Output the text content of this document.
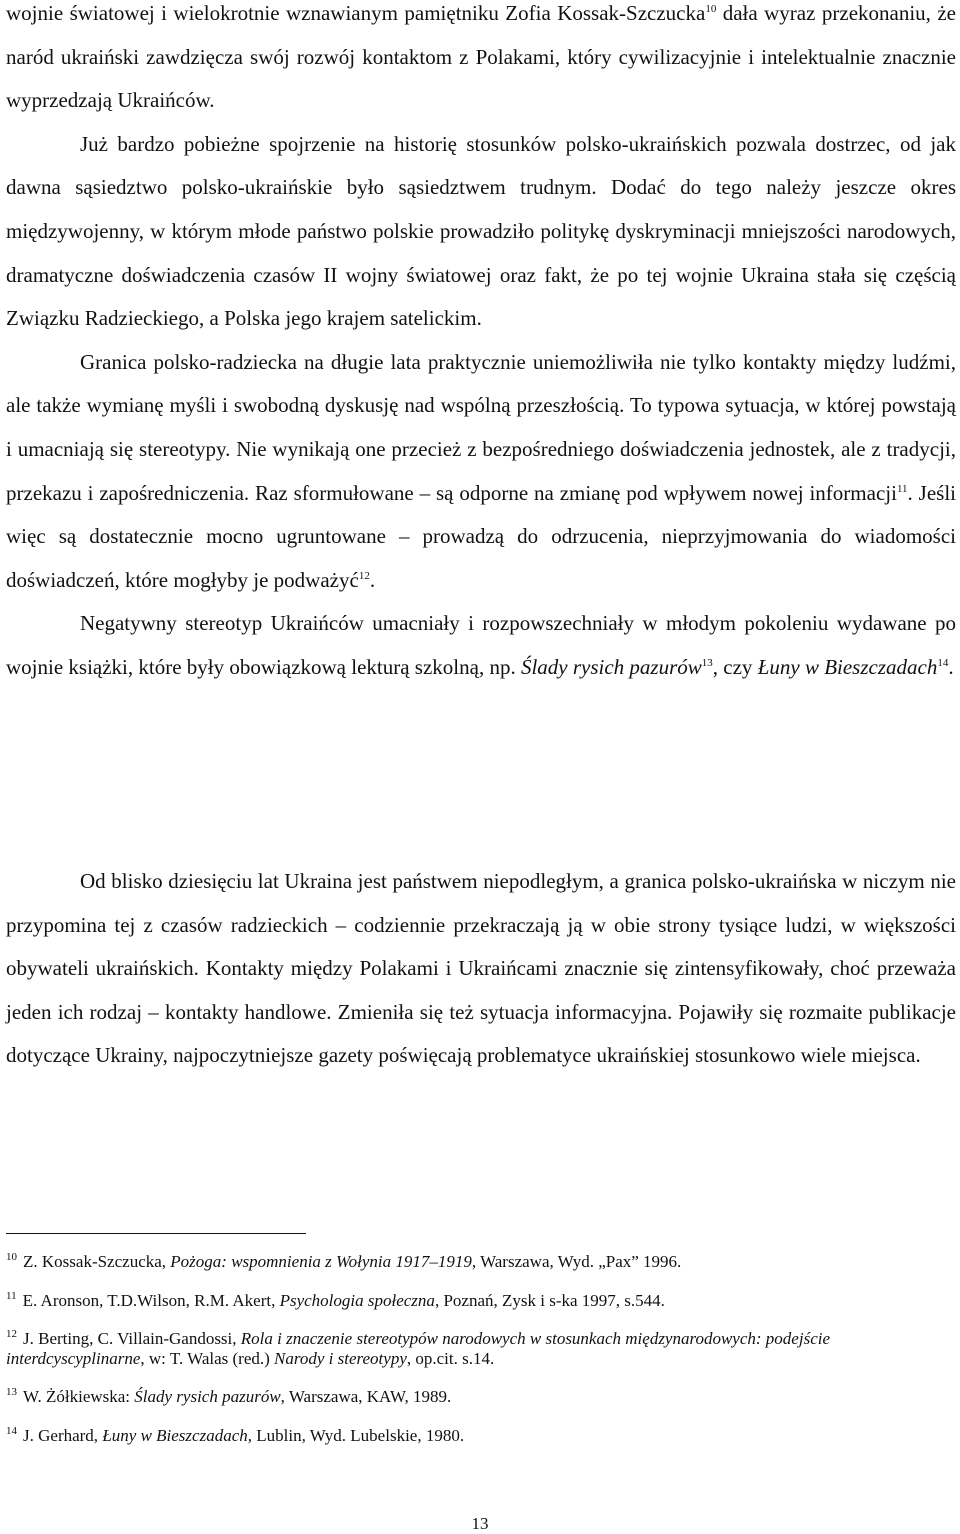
wojnie światowej i wielokrotnie wznawianym pamiętniku Zofia Kossak-Szczucka$^{10}$ dała wyraz przekonaniu, że naród ukraiński zawdzięcza swój rozwój kontaktom z Polakami, który cywilizacyjnie i intelektualnie znacznie wyprzedzają Ukraińców.

Już bardzo pobieżne spojrzenie na historię stosunków polsko-ukraińskich pozwala dostrzec, od jak dawna sąsiedztwo polsko-ukraińskie było sąsiedztwem trudnym. Dodać do tego należy jeszcze okres międzywojenny, w którym młode państwo polskie prowadziło politykę dyskryminacji mniejszości narodowych, dramatyczne doświadczenia czasów II wojny światowej oraz fakt, że po tej wojnie Ukraina stała się częścią Związku Radzieckiego, a Polska jego krajem satelickim.

Granica polsko-radziecka na długie lata praktycznie uniemożliwiła nie tylko kontakty między ludźmi, ale także wymianę myśli i swobodną dyskusję nad wspólną przeszłością. To typowa sytuacja, w której powstają i umacniają się stereotypy. Nie wynikają one przecież z bezpośredniego doświadczenia jednostek, ale z tradycji, przekazu i zapośredniczenia. Raz sformułowane – są odporne na zmianę pod wpływem nowej informacji$^{11}$. Jeśli więc są dostatecznie mocno ugruntowane – prowadzą do odrzucenia, nieprzyjmowania do wiadomości doświadczeń, które mogłyby je podważyć$^{12}$.

Negatywny stereotyp Ukraińców umacniały i rozpowszechniały w młodym pokoleniu wydawane po wojnie książki, które były obowiązkową lekturą szkolną, np. Ślady rysich pazurów$^{13}$, czy Łuny w Bieszczadach$^{14}$.

Od blisko dziesięciu lat Ukraina jest państwem niepodległym, a granica polsko-ukraińska w niczym nie przypomina tej z czasów radzieckich – codziennie przekraczają ją w obie strony tysiące ludzi, w większości obywateli ukraińskich. Kontakty między Polakami i Ukraińcami znacznie się zintensyfikowały, choć przeważa jeden ich rodzaj – kontakty handlowe. Zmieniła się też sytuacja informacyjna. Pojawiły się rozmaite publikacje dotyczące Ukrainy, najpoczytniejsze gazety poświęcają problematyce ukraińskiej stosunkowo wiele miejsca.

$^{10}$ Z. Kossak-Szczucka, Pożoga: wspomnienia z Wołynia 1917–1919, Warszawa, Wyd. „Pax” 1996.

$^{11}$ E. Aronson, T.D.Wilson, R.M. Akert, Psychologia społeczna, Poznań, Zysk i s-ka 1997, s.544.

$^{12}$ J. Berting, C. Villain-Gandossi, Rola i znaczenie stereotypów narodowych w stosunkach międzynarodowych: podejście interdcyscyplinarne, w: T. Walas (red.) Narody i stereotypy, op.cit. s.14.

$^{13}$ W. Żółkiewska: Ślady rysich pazurów, Warszawa, KAW, 1989.

$^{14}$ J. Gerhard, Łuny w Bieszczadach, Lublin, Wyd. Lubelskie, 1980.

13
